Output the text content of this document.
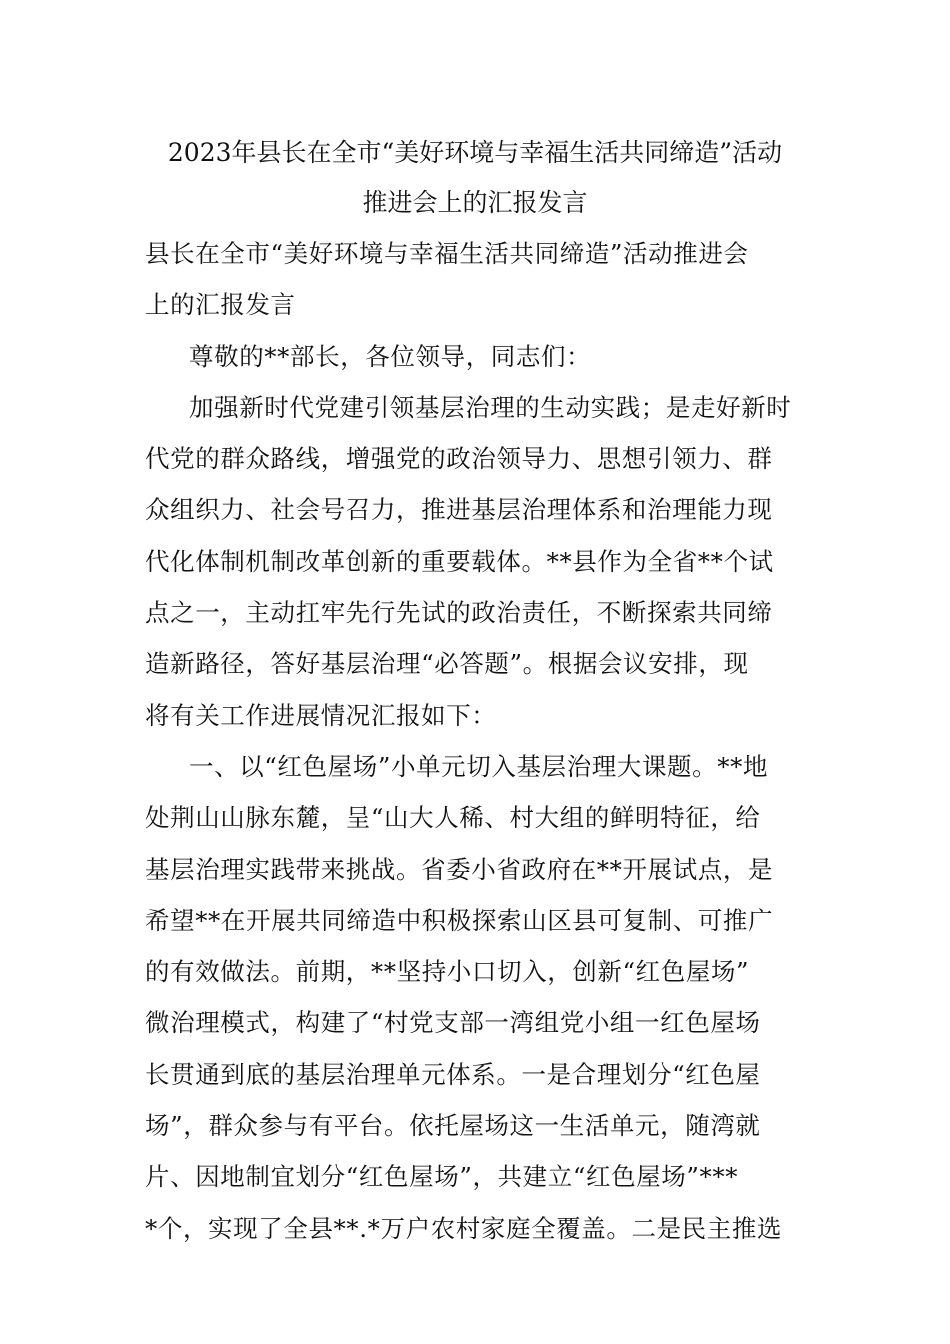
2023年县长在全市“美好环境与幸福生活共同缔造”活动
推进会上的汇报发言
县长在全市“美好环境与幸福生活共同缔造”活动推进会
上的汇报发言
尊敬的**部长，各位领导，同志们：
加强新时代党建引领基层治理的生动实践；是走好新时
代党的群众路线，增强党的政治领导力、思想引领力、群
众组织力、社会号召力，推进基层治理体系和治理能力现
代化体制机制改革创新的重要载体。**县作为全省**个试
点之一，主动扛牢先行先试的政治责任，不断探索共同缔
造新路径，答好基层治理“必答题”。根据会议安排，现
将有关工作进展情况汇报如下：
一、以“红色屋场”小单元切入基层治理大课题。**地
处荆山山脉东麓，呈“山大人稀、村大组的鲜明特征，给
基层治理实践带来挑战。省委小省政府在**开展试点，是
希望**在开展共同缔造中积极探索山区县可复制、可推广
的有效做法。前期，**坚持小口切入，创新“红色屋场”
微治理模式，构建了“村党支部一湾组党小组一红色屋场
长贯通到底的基层治理单元体系。一是合理划分“红色屋
场”，群众参与有平台。依托屋场这一生活单元，随湾就
片、因地制宜划分“红色屋场”，共建立“红色屋场”***
*个，实现了全县**.*万户农村家庭全覆盖。二是民主推选
